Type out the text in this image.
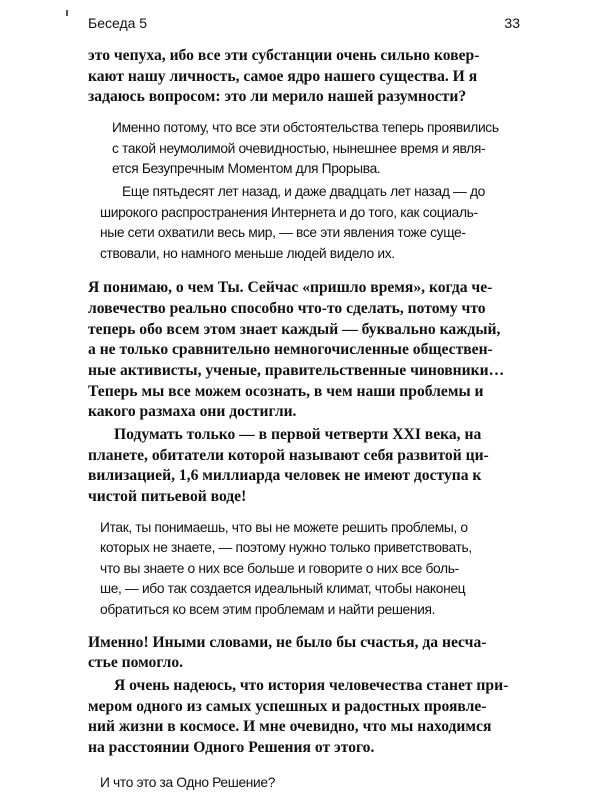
Беседа 5	33
это чепуха, ибо все эти субстанции очень сильно ковер-
кают нашу личность, самое ядро нашего существа. И я
задаюсь вопросом: это ли мерило нашей разумности?
Именно потому, что все эти обстоятельства теперь проявились
с такой неумолимой очевидностью, нынешнее время и явля-
ется Безупречным Моментом для Прорыва.
Еще пятьдесят лет назад, и даже двадцать лет назад — до
широкого распространения Интернета и до того, как социаль-
ные сети охватили весь мир, — все эти явления тоже суще-
ствовали, но намного меньше людей видело их.
Я понимаю, о чем Ты. Сейчас «пришло время», когда че-
ловечество реально способно что-то сделать, потому что
теперь обо всем этом знает каждый — буквально каждый,
а не только сравнительно немногочисленные обществен-
ные активисты, ученые, правительственные чиновники…
Теперь мы все можем осознать, в чем наши проблемы и
какого размаха они достигли.
Подумать только — в первой четверти XXI века, на
планете, обитатели которой называют себя развитой ци-
вилизацией, 1,6 миллиарда человек не имеют доступа к
чистой питьевой воде!
Итак, ты понимаешь, что вы не можете решить проблемы, о
которых не знаете, — поэтому нужно только приветствовать,
что вы знаете о них все больше и говорите о них все боль-
ше, — ибо так создается идеальный климат, чтобы наконец
обратиться ко всем этим проблемам и найти решения.
Именно! Иными словами, не было бы счастья, да несча-
стье помогло.
Я очень надеюсь, что история человечества станет при-
мером одного из самых успешных и радостных проявле-
ний жизни в космосе. И мне очевидно, что мы находимся
на расстоянии Одного Решения от этого.
И что это за Одно Решение?
